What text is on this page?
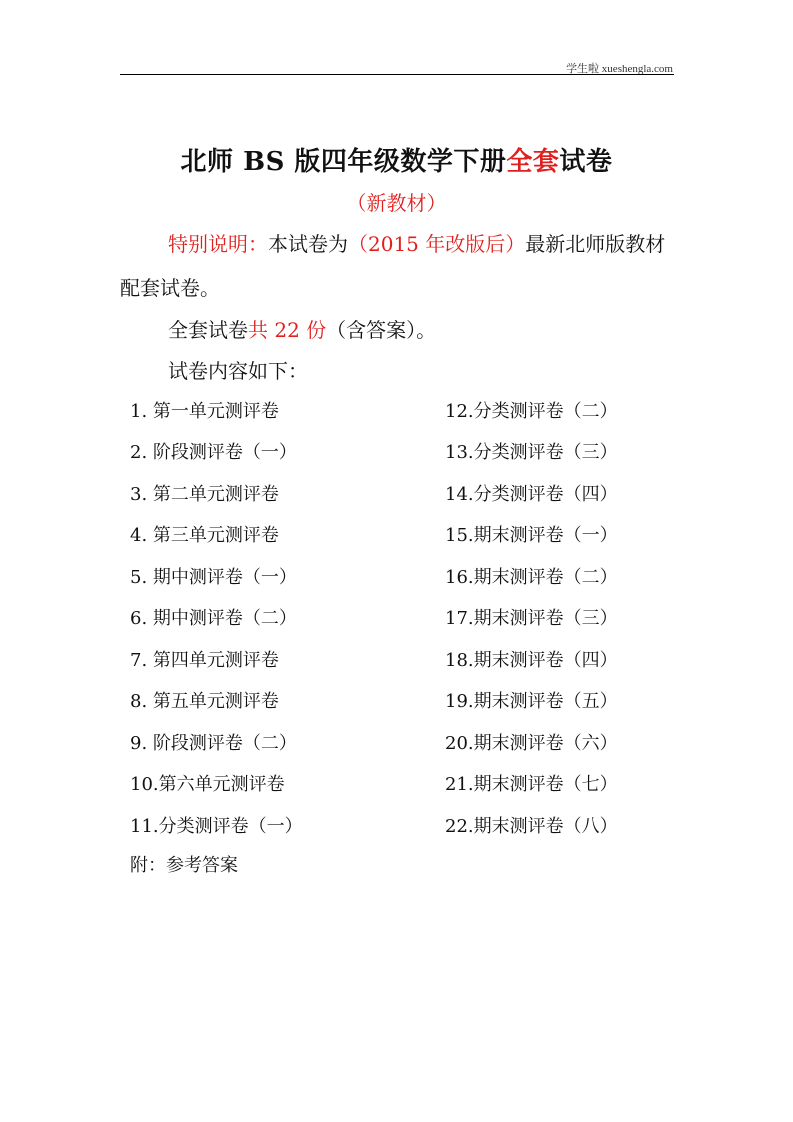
学生啦 xueshengla.com
北师 BS 版四年级数学下册全套试卷
（新教材）
特别说明：本试卷为（2015 年改版后）最新北师版教材配套试卷。
全套试卷共 22 份（含答案）。
试卷内容如下：
1. 第一单元测评卷	12.分类测评卷（二）
2. 阶段测评卷（一）	13.分类测评卷（三）
3. 第二单元测评卷	14.分类测评卷（四）
4. 第三单元测评卷	15.期末测评卷（一）
5. 期中测评卷（一）	16.期末测评卷（二）
6. 期中测评卷（二）	17.期末测评卷（三）
7. 第四单元测评卷	18.期末测评卷（四）
8. 第五单元测评卷	19.期末测评卷（五）
9. 阶段测评卷（二）	20.期末测评卷（六）
10.第六单元测评卷	21.期末测评卷（七）
11.分类测评卷（一）	22.期末测评卷（八）
附：参考答案
